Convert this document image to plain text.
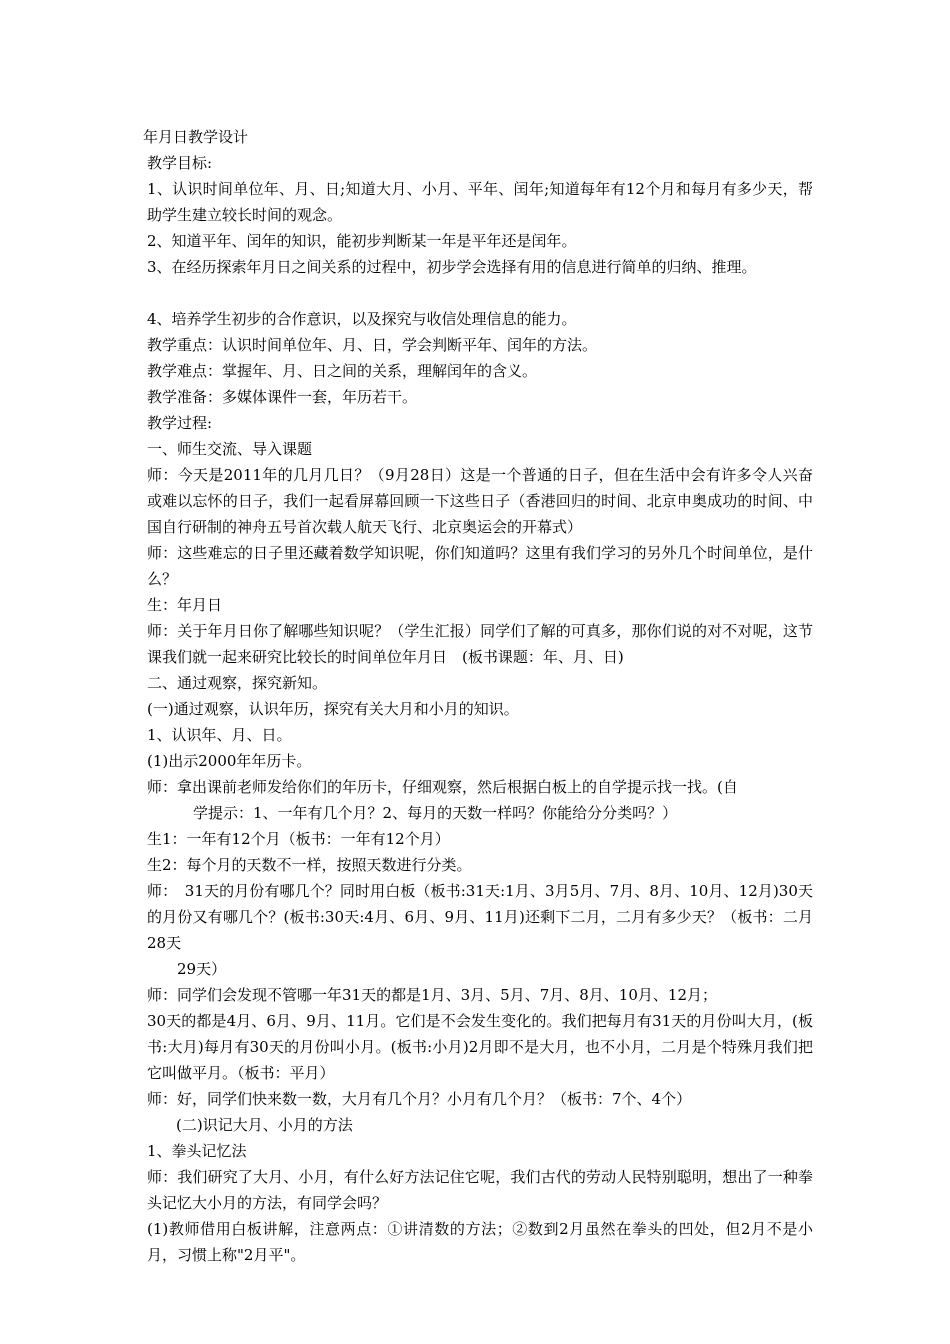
年月日教学设计

教学目标:

1、认识时间单位年、月、日;知道大月、小月、平年、闰年;知道每年有12个月和每月有多少天，帮助学生建立较长时间的观念。

2、知道平年、闰年的知识，能初步判断某一年是平年还是闰年。

3、在经历探索年月日之间关系的过程中，初步学会选择有用的信息进行简单的归纳、推理。

4、培养学生初步的合作意识，以及探究与收信处理信息的能力。

教学重点：认识时间单位年、月、日，学会判断平年、闰年的方法。

教学难点：掌握年、月、日之间的关系，理解闰年的含义。

教学准备：多媒体课件一套，年历若干。

教学过程:

一、师生交流、导入课题

师：今天是2011年的几月几日？（9月28日）这是一个普通的日子，但在生活中会有许多令人兴奋或难以忘怀的日子，我们一起看屏幕回顾一下这些日子（香港回归的时间、北京申奥成功的时间、中国自行研制的神舟五号首次载人航天飞行、北京奥运会的开幕式）

师：这些难忘的日子里还藏着数学知识呢，你们知道吗？这里有我们学习的另外几个时间单位，是什么？

生：年月日

师：关于年月日你了解哪些知识呢？（学生汇报）同学们了解的可真多，那你们说的对不对呢，这节课我们就一起来研究比较长的时间单位年月日　(板书课题：年、月、日)

二、通过观察，探究新知。

(一)通过观察，认识年历，探究有关大月和小月的知识。

1、认识年、月、日。

(1)出示2000年年历卡。

师：拿出课前老师发给你们的年历卡，仔细观察，然后根据白板上的自学提示找一找。(自

学提示：1、一年有几个月？2、每月的天数一样吗？你能给分分类吗？）

生1：一年有12个月（板书：一年有12个月）

生2：每个月的天数不一样，按照天数进行分类。

师：　31天的月份有哪几个？同时用白板（板书:31天:1月、3月5月、7月、8月、10月、12月)30天的月份又有哪几个？(板书:30天:4月、6月、9月、11月)还剩下二月，二月有多少天？（板书：二月28天

29天）

师：同学们会发现不管哪一年31天的都是1月、3月、5月、7月、8月、10月、12月；

30天的都是4月、6月、9月、11月。它们是不会发生变化的。我们把每月有31天的月份叫大月，(板书:大月)每月有30天的月份叫小月。(板书:小月)2月即不是大月，也不小月，二月是个特殊月我们把它叫做平月。（板书：平月）

师：好，同学们快来数一数，大月有几个月？小月有几个月？（板书：7个、4个）

(二)识记大月、小月的方法

1、拳头记忆法

师：我们研究了大月、小月，有什么好方法记住它呢，我们古代的劳动人民特别聪明，想出了一种拳头记忆大小月的方法，有同学会吗？

(1)教师借用白板讲解，注意两点：①讲清数的方法；②数到2月虽然在拳头的凹处，但2月不是小月，习惯上称"2月平"。
